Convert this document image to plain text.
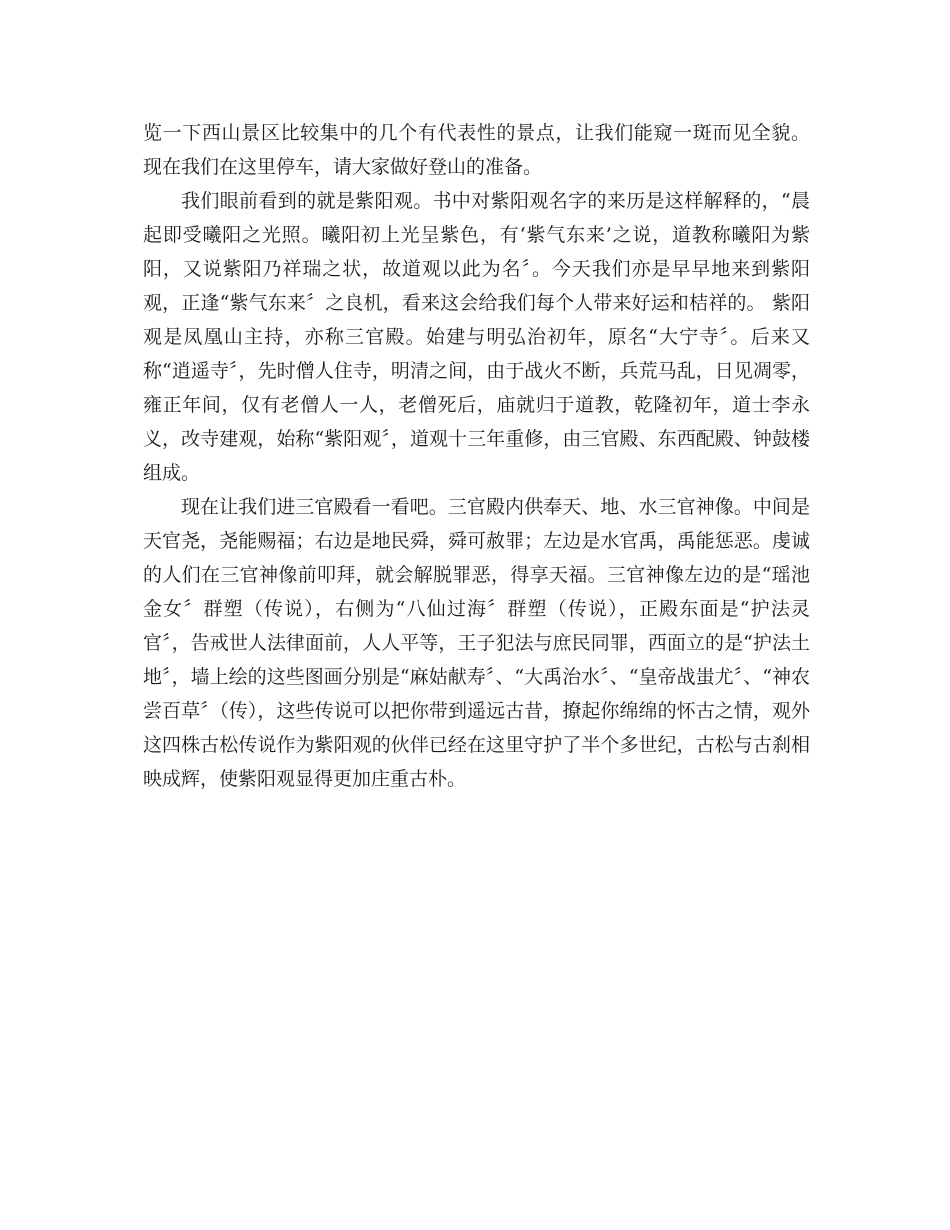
览一下西山景区比较集中的几个有代表性的景点，让我们能窥一斑而见全貌。 现在我们在这里停车，请大家做好登山的准备。

我们眼前看到的就是紫阳观。书中对紫阳观名字的来历是这样解释的，“晨起即受曦阳之光照。曦阳初上光呈紫色，有‘紫气东来’之说，道教称曦阳为紫阳，又说紫阳乃祥瑞之状，故道观以此为名〞。今天我们亦是早早地来到紫阳观，正逢“紫气东来〞之良机，看来这会给我们每个人带来好运和桔祥的。 紫阳观是凤凰山主持，亦称三官殿。始建与明弘治初年，原名“大宁寺〞。后来又称“逍遥寺〞，先时僧人住寺，明清之间，由于战火不断，兵荒马乱，日见凋零，雍正年间，仅有老僧人一人，老僧死后，庙就归于道教，乾隆初年，道士李永义，改寺建观，始称“紫阳观〞，道观十三年重修，由三官殿、东西配殿、钟鼓楼组成。

现在让我们进三官殿看一看吧。三官殿内供奉天、地、水三官神像。中间是天官尧，尧能赐福；右边是地民舜，舜可赦罪；左边是水官禹，禹能惩恶。虔诚的人们在三官神像前叩拜，就会解脱罪恶，得享天福。三官神像左边的是“瑶池金女〞群塑（传说），右侧为“八仙过海〞群塑（传说），正殿东面是“护法灵官〞，告戒世人法律面前，人人平等，王子犯法与庶民同罪，西面立的是“护法土地〞，墙上绘的这些图画分别是“麻姑献寿〞、“大禹治水〞、“皇帝战蚩尤〞、“神农尝百草〞（传），这些传说可以把你带到遥远古昔，撩起你绵绵的怀古之情，观外这四株古松传说作为紫阳观的伙伴已经在这里守护了半个多世纪，古松与古刹相映成辉，使紫阳观显得更加庄重古朴。
